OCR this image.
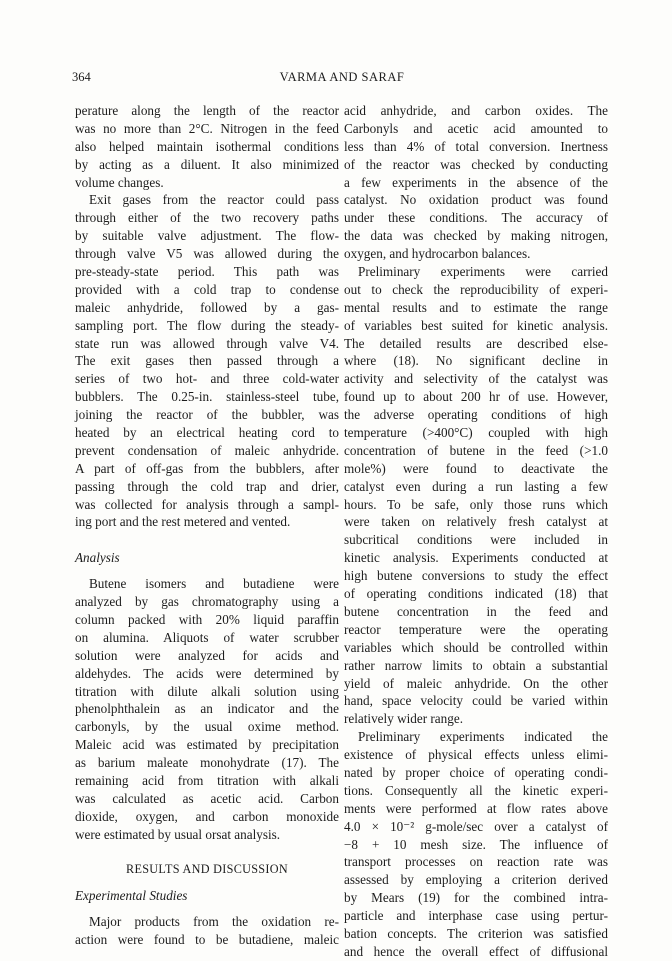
364	VARMA AND SARAF
perature along the length of the reactor
was no more than 2°C. Nitrogen in the feed
also helped maintain isothermal conditions
by acting as a diluent. It also minimized
volume changes.
Exit gases from the reactor could pass
through either of the two recovery paths
by suitable valve adjustment. The flow-
through valve V5 was allowed during the
pre-steady-state period. This path was
provided with a cold trap to condense
maleic anhydride, followed by a gas-
sampling port. The flow during the steady-
state run was allowed through valve V4.
The exit gases then passed through a
series of two hot- and three cold-water
bubblers. The 0.25-in. stainless-steel tube,
joining the reactor of the bubbler, was
heated by an electrical heating cord to
prevent condensation of maleic anhydride.
A part of off-gas from the bubblers, after
passing through the cold trap and drier,
was collected for analysis through a sampl-
ing port and the rest metered and vented.
Analysis
Butene isomers and butadiene were
analyzed by gas chromatography using a
column packed with 20% liquid paraffin
on alumina. Aliquots of water scrubber
solution were analyzed for acids and
aldehydes. The acids were determined by
titration with dilute alkali solution using
phenolphthalein as an indicator and the
carbonyls, by the usual oxime method.
Maleic acid was estimated by precipitation
as barium maleate monohydrate (17). The
remaining acid from titration with alkali
was calculated as acetic acid. Carbon
dioxide, oxygen, and carbon monoxide
were estimated by usual orsat analysis.
RESULTS AND DISCUSSION
Experimental Studies
Major products from the oxidation re-
action were found to be butadiene, maleic
acid anhydride, and carbon oxides. The
Carbonyls and acetic acid amounted to
less than 4% of total conversion. Inertness
of the reactor was checked by conducting
a few experiments in the absence of the
catalyst. No oxidation product was found
under these conditions. The accuracy of
the data was checked by making nitrogen,
oxygen, and hydrocarbon balances.
Preliminary experiments were carried
out to check the reproducibility of experi-
mental results and to estimate the range
of variables best suited for kinetic analysis.
The detailed results are described else-
where (18). No significant decline in
activity and selectivity of the catalyst was
found up to about 200 hr of use. However,
the adverse operating conditions of high
temperature (>400°C) coupled with high
concentration of butene in the feed (>1.0
mole%) were found to deactivate the
catalyst even during a run lasting a few
hours. To be safe, only those runs which
were taken on relatively fresh catalyst at
subcritical conditions were included in
kinetic analysis. Experiments conducted at
high butene conversions to study the effect
of operating conditions indicated (18) that
butene concentration in the feed and
reactor temperature were the operating
variables which should be controlled within
rather narrow limits to obtain a substantial
yield of maleic anhydride. On the other
hand, space velocity could be varied within
relatively wider range.
Preliminary experiments indicated the
existence of physical effects unless elimi-
nated by proper choice of operating condi-
tions. Consequently all the kinetic experi-
ments were performed at flow rates above
4.0 × 10⁻² g-mole/sec over a catalyst of
−8 + 10 mesh size. The influence of
transport processes on reaction rate was
assessed by employing a criterion derived
by Mears (19) for the combined intra-
particle and interphase case using pertur-
bation concepts. The criterion was satisfied
and hence the overall effect of diffusional
